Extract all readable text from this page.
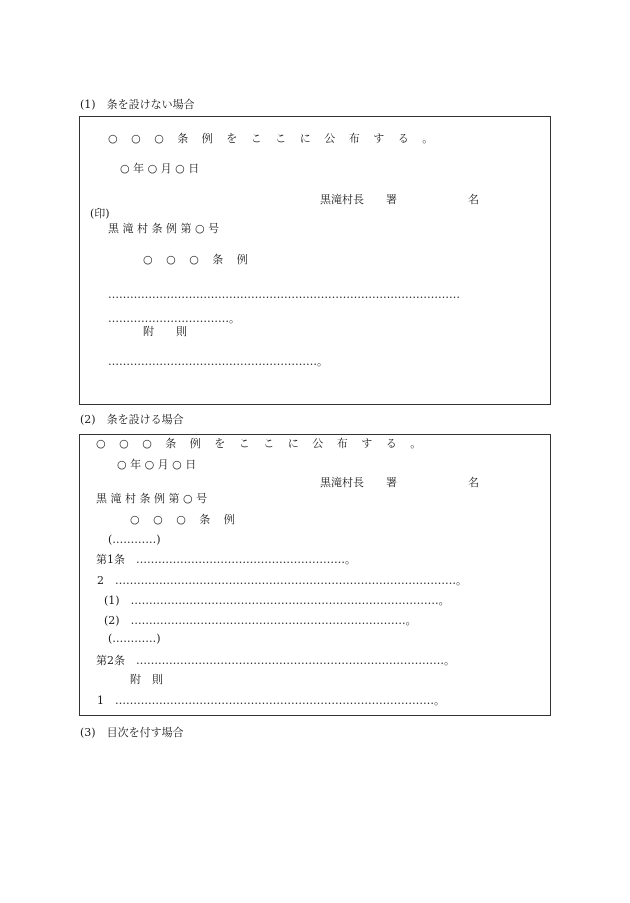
(1)　条を設けない場合
○ ○ ○ 条 例 を こ こ に 公 布 す る 。
○ 年 ○ 月 ○ 日
黒滝村長　　署	名
(印)
黒 滝 村 条 例 第 ○ 号
○ ○ ○ 条 例
……………………………………………………………………………………
……………………………。
附　　則
…………………………………………………。
(2)　条を設ける場合
○ ○ ○ 条 例 を こ こ に 公 布 す る 。
○ 年 ○ 月 ○ 日
黒滝村長　　署	名
黒 滝 村 条 例 第 ○ 号
○ ○ ○ 条 例
(…………)
第1条　…………………………………………………。
2　…………………………………………………………………………………。
(1)　…………………………………………………………………………。
(2)　…………………………………………………………………。
(…………)
第2条　…………………………………………………………………………。
附　則
1　……………………………………………………………………………。
(3)　目次を付す場合
